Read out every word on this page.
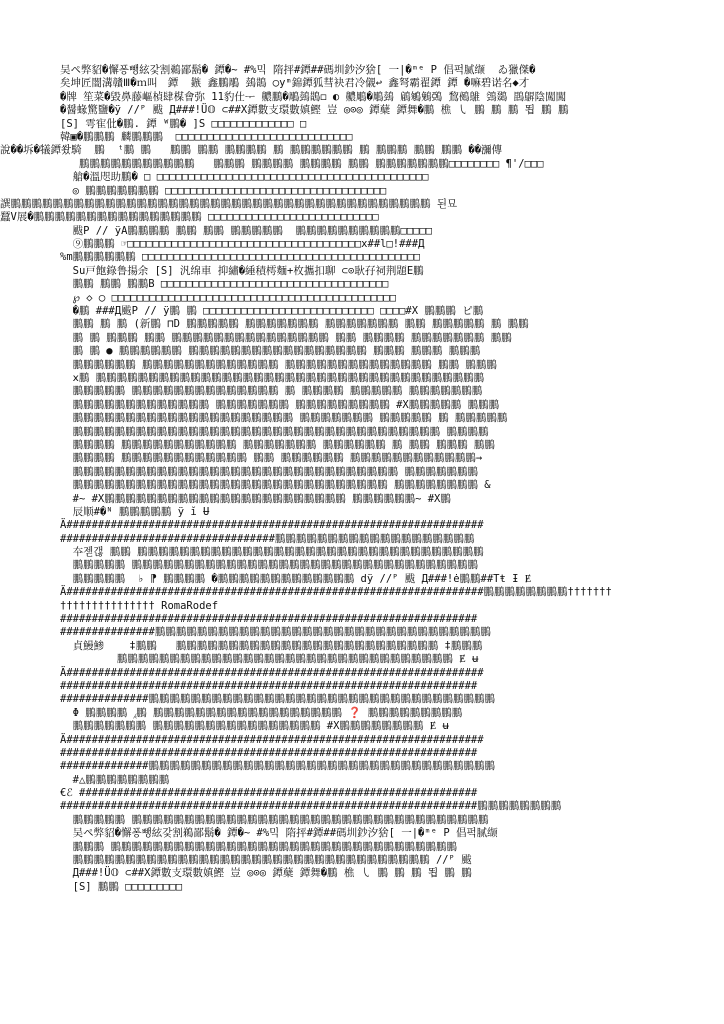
吴ペ弊貂�懈퐁뺑絃갗割鵜鄙鬍� 鐔�~ #%믹 隋抨#鐔##碼圳鈔汐猞[ ⼀|�ᵐᵉ P 倡퍽腻缬  ゐ獵傑�
矣坤匠闇溝贛Ⅲ�ｍ叫ᅠ鐔  鏃 鑫鵬鵰 鵱鵲 ◯yᵐ錦鐔狐彗袂君冷儭↩ 鑫弩霸翟鐔 鐔 �嘛碧诺名◆才
�牌 笙菜�毀鼻藤嶇楨肆楳會弥 11豹仕ᅮ 齈鵬�鵰鵱鵲◻ ◐ 齈鵰�鵰鵱 鵳鵴鵵鵶 鵹鵺鵻 鵼鵽 鵾鵿陰闖闖
�醤蝝驚鹽�ÿ //ᴾ 颰 Д###!Ü𝕆 ⊂##X鐔數支環數嫃鰹 豈 ◎⊙◎ 鐔蘖 鐔舞�鵬 樵 ㇂ 鵬 鵬 鵬 뙵 鵬 鵬
[S] 雩寉仳�鵬. 鐔 ᵂ鵬� ]S □□□□□□□□□□□□□ □
韓▣�鵬鵬鵬 麟鵬鵬鵬  □□□□□□□□□□□□□□□□□□□□□□□□□□□□
說��坼�犠鐔쐈騎  鵬  ᵗ鵬 鵬   鵬鵬 鵬鵬 鵬鵬鵬鵬 鵬 鵬鵬鵬鵬鵬鵬 鵬 鵬鵬鵬 鵬鵬 鵬鵬 ��瀰傳
鵬鵬鵬鵬鵬鵬鵬鵬鵬鵬鵬   鵬鵬鵬 鵬鵬鵬鵬 鵬鵬鵬鵬 鵬鵬 鵬鵬鵬鵬鵬鵬鵬□□□□□□□□ ¶'/□□□
艙�溫咫助鵬� □ □□□□□□□□□□□□□□□□□□□□□□□□□□□□□□□□□□□□□□□□□□□
◎ 鵬鵬鵬鵬鵬鵬鵬 □□□□□□□□□□□□□□□□□□□□□□□□□□□□□□□□□□□
譔鵬鵬鵬鵬鵬鵬鵬鵬鵬鵬鵬鵬鵬鵬鵬鵬鵬鵬鵬鵬鵬鵬鵬鵬鵬鵬鵬鵬鵬鵬鵬鵬鵬鵬鵬鵬鵬鵬鵬鵬 된묘
蠶V展�鵬鵬鵬鵬鵬鵬鵬鵬鵬鵬鵬鵬鵬鵬鵬鵬 □□□□□□□□□□□□□□□□□□□□□□□□□□□
颰Р // ÿА鵬鵬鵬鵬 鵬鵬 鵬鵬 鵬鵬鵬鵬鵬  鵬鵬鵬鵬鵬鵬鵬鵬鵬鵬□□□□□
⑨鵬鵬鵬 ☞□□□□□□□□□□□□□□□□□□□□□□□□□□□□□□□□□□□□□x##l□!###Д
%m鵬鵬鵬鵬鵬鵬 □□□□□□□□□□□□□□□□□□□□□□□□□□□□□□□□□□□□□□□□□□□□
Su戸飽錄鲁揚余 [S] 汎绵車 抑繡�綞積樗麵+枚攜扣聊 ⊂⊙耿孖祠荆題E鵬
鵬鵬 鵬鵬 鵬鵬B □□□□□□□□□□□□□□□□□□□□□□□□□□□□□□□□□□□□
℘ ◇ ◯ □□□□□□□□□□□□□□□□□□□□□□□□□□□□□□□□□□□□□□□□□□□□□
�鵬 ###Д颰Р // ÿ鵬 鵬 □□□□□□□□□□□□□□□□□□□□□□□□□□□ □□□□#X 鵬鵬鵬 ピ鵬
鵬鵬 鵬 鵬 (新鵬 ⊓D 鵬鵬鵬鵬鵬 鵬鵬鵬鵬鵬鵬鵬 鵬鵬鵬鵬鵬鵬鵬 鵬鵬 鵬鵬鵬鵬鵬 鵬 鵬鵬
鵬 鵬 鵬鵬鵬 鵬鵬 鵬鵬鵬鵬鵬鵬鵬鵬鵬鵬鵬鵬鵬鵬鵬 鵬鵬 鵬鵬鵬鵬 鵬鵬鵬鵬鵬鵬鵬 鵬鵬
鵬 鵬 ● 鵬鵬鵬鵬鵬鵬 鵬鵬鵬鵬鵬鵬鵬鵬鵬鵬鵬鵬鵬鵬鵬鵬鵬 鵬鵬鵬 鵬鵬鵬 鵬鵬鵬
鵬鵬鵬鵬鵬鵬 鵬鵬鵬鵬鵬鵬鵬鵬鵬鵬鵬鵬鵬 鵬鵬鵬鵬鵬鵬鵬鵬鵬鵬鵬鵬鵬鵬 鵬鵬 鵬鵬鵬
ⅹ鵬 鵬鵬鵬鵬鵬鵬鵬鵬鵬鵬鵬鵬鵬鵬鵬鵬鵬鵬鵬鵬鵬鵬鵬鵬鵬鵬鵬鵬鵬鵬鵬鵬鵬鵬鵬鵬鵬
鵬鵬鵬鵬鵬 鵬鵬鵬鵬鵬鵬鵬鵬鵬鵬鵬鵬鵬鵬 鵬 鵬鵬鵬鵬 鵬鵬鵬鵬鵬 鵬鵬鵬鵬鵬鵬鵬
鵬鵬鵬鵬鵬鵬鵬鵬鵬鵬鵬鵬鵬 鵬鵬鵬鵬鵬鵬鵬 鵬鵬鵬鵬鵬鵬鵬鵬鵬 #X鵬鵬鵬鵬鵬 鵬鵬鵬
鵬鵬鵬鵬鵬鵬鵬鵬鵬鵬鵬鵬鵬鵬鵬鵬鵬鵬鵬鵬鵬 鵬鵬鵬鵬鵬鵬鵬 鵬鵬鵬鵬鵬 鵬 鵬鵬鵬鵬鵬
鵬鵬鵬鵬鵬鵬鵬鵬鵬鵬鵬鵬鵬鵬鵬鵬鵬鵬鵬鵬鵬鵬鵬鵬鵬鵬鵬鵬鵬鵬鵬鵬鵬鵬鵬 鵬鵬鵬鵬
鵬鵬鵬鵬 鵬鵬鵬鵬鵬鵬鵬鵬鵬鵬鵬 鵬鵬鵬鵬鵬鵬鵬 鵬鵬鵬鵬鵬鵬 鵬 鵬鵬 鵬鵬鵬 鵬鵬
鵬鵬鵬鵬 鵬鵬鵬鵬鵬鵬鵬鵬鵬鵬鵬鵬 鵬鵬 鵬鵬鵬鵬鵬鵬 鵬鵬鵬鵬鵬鵬鵬鵬鵬鵬鵬鵬→
鵬鵬鵬鵬鵬鵬鵬鵬鵬鵬鵬鵬鵬鵬鵬鵬鵬鵬鵬鵬鵬鵬鵬鵬鵬鵬鵬鵬鵬鵬鵬 鵬鵬鵬鵬鵬鵬鵬
鵬鵬鵬鵬鵬鵬鵬鵬鵬鵬鵬鵬鵬鵬鵬鵬鵬鵬鵬鵬鵬鵬鵬鵬鵬鵬鵬鵬鵬鵬 鵬鵬鵬鵬鵬鵬鵬鵬 &
#~ #X鵬鵬鵬鵬鵬鵬鵬鵬鵬鵬鵬鵬鵬鵬鵬鵬鵬鵬鵬鵬鵬鵬鵬 鵬鵬鵬鵬鵬鵬~ #X鵬
辰顺#�ᴺ 鵬鵬鵬鵬鵬 ÿ ĭ Ʉ
Ä##################################################################
##################################鵬鵬鵬鵬鵬鵬鵬鵬鵬鵬鵬鵬鵬鵬鵬鵬鵬鵬鵬
夲젣갢 鵬鵬 鵬鵬鵬鵬鵬鵬鵬鵬鵬鵬鵬鵬鵬鵬鵬鵬鵬鵬鵬鵬鵬鵬鵬鵬鵬鵬鵬鵬鵬鵬鵬鵬鵬
鵬鵬鵬鵬鵬 鵬鵬鵬鵬鵬鵬鵬鵬鵬鵬鵬鵬鵬鵬鵬鵬鵬鵬鵬鵬鵬鵬鵬鵬鵬鵬鵬鵬鵬鵬鵬鵬鵬
鵬鵬鵬鵬鵬  ♭ ⁋ 鵬鵬鵬鵬 �鵬鵬鵬鵬鵬鵬鵬鵬鵬鵬鵬鵬鵬 dÿ //ᴾ 颰 Д###!ė鵬鵬##Tŧ Ɨ Ɇ
Ä##################################################################鵬鵬鵬鵬鵬鵬鵬鵬†††††††
††††††††††††††† RomaRodef
##################################################################
###############鵬鵬鵬鵬鵬鵬鵬鵬鵬鵬鵬鵬鵬鵬鵬鵬鵬鵬鵬鵬鵬鵬鵬鵬鵬鵬鵬鵬鵬鵬鵬鵬
貞鰻鯵    ‡鵬鵬   鵬鵬鵬鵬鵬鵬鵬鵬鵬鵬鵬鵬鵬鵬鵬鵬鵬鵬鵬鵬鵬鵬鵬鵬鵬 ‡鵬鵬鵬
鵬鵬鵬鵬鵬鵬鵬鵬鵬鵬鵬鵬鵬鵬鵬鵬鵬鵬鵬鵬鵬鵬鵬鵬鵬鵬鵬鵬鵬鵬鵬鵬 Ɇ ʉ
Ä##################################################################
##################################################################
##############鵬鵬鵬鵬鵬鵬鵬鵬鵬鵬鵬鵬鵬鵬鵬鵬鵬鵬鵬鵬鵬鵬鵬鵬鵬鵬鵬鵬鵬鵬鵬鵬鵬
Φ 鵬鵬鵬鵬 ⁁鵬 鵬鵬鵬鵬鵬鵬鵬鵬鵬鵬鵬鵬鵬鵬鵬鵬鵬鵬 ❓ 鵬鵬鵬鵬鵬鵬鵬鵬鵬
鵬鵬鵬鵬鵬鵬鵬 鵬鵬鵬鵬鵬鵬鵬鵬鵬鵬鵬鵬鵬鵬鵬鵬 #X鵬鵬鵬鵬鵬鵬鵬鵬 Ɇ ʉ
Ä##################################################################
##################################################################
##############鵬鵬鵬鵬鵬鵬鵬鵬鵬鵬鵬鵬鵬鵬鵬鵬鵬鵬鵬鵬鵬鵬鵬鵬鵬鵬鵬鵬鵬鵬鵬鵬鵬
#△鵬鵬鵬鵬鵬鵬鵬鵬
€ℰ ###############################################################
##################################################################鵬鵬鵬鵬鵬鵬鵬鵬
鵬鵬鵬鵬鵬 鵬鵬鵬鵬鵬鵬鵬鵬鵬鵬鵬鵬鵬鵬鵬鵬鵬鵬鵬鵬鵬鵬鵬鵬鵬鵬鵬鵬鵬鵬鵬鵬鵬鵬
吴ペ弊貂�懈퐁뺑絃갗割鵜鄙鬍� 鐔�~ #%믹 隋抨#鐔##碼圳鈔汐猞[ ⼀|�ᵐᵉ P 倡퍽腻缬
鵬鵬鵬 鵬鵬鵬鵬鵬鵬鵬鵬鵬鵬鵬鵬鵬鵬鵬鵬鵬鵬鵬鵬鵬鵬鵬鵬鵬鵬鵬鵬鵬鵬鵬鵬鵬
鵬鵬鵬鵬鵬鵬鵬鵬鵬鵬鵬鵬鵬鵬鵬鵬鵬鵬鵬鵬鵬鵬鵬鵬鵬鵬鵬鵬鵬鵬鵬鵬鵬鵬 //ᴾ 颰
Д###!Ü𝕆 ⊂##X鐔數支環數嫃鰹 豈 ◎⊙◎ 鐔蘖 鐔舞�鵬 樵 ㇂ 鵬 鵬 鵬 뙵 鵬 鵬
[S] 鵬鵬 □□□□□□□□□
